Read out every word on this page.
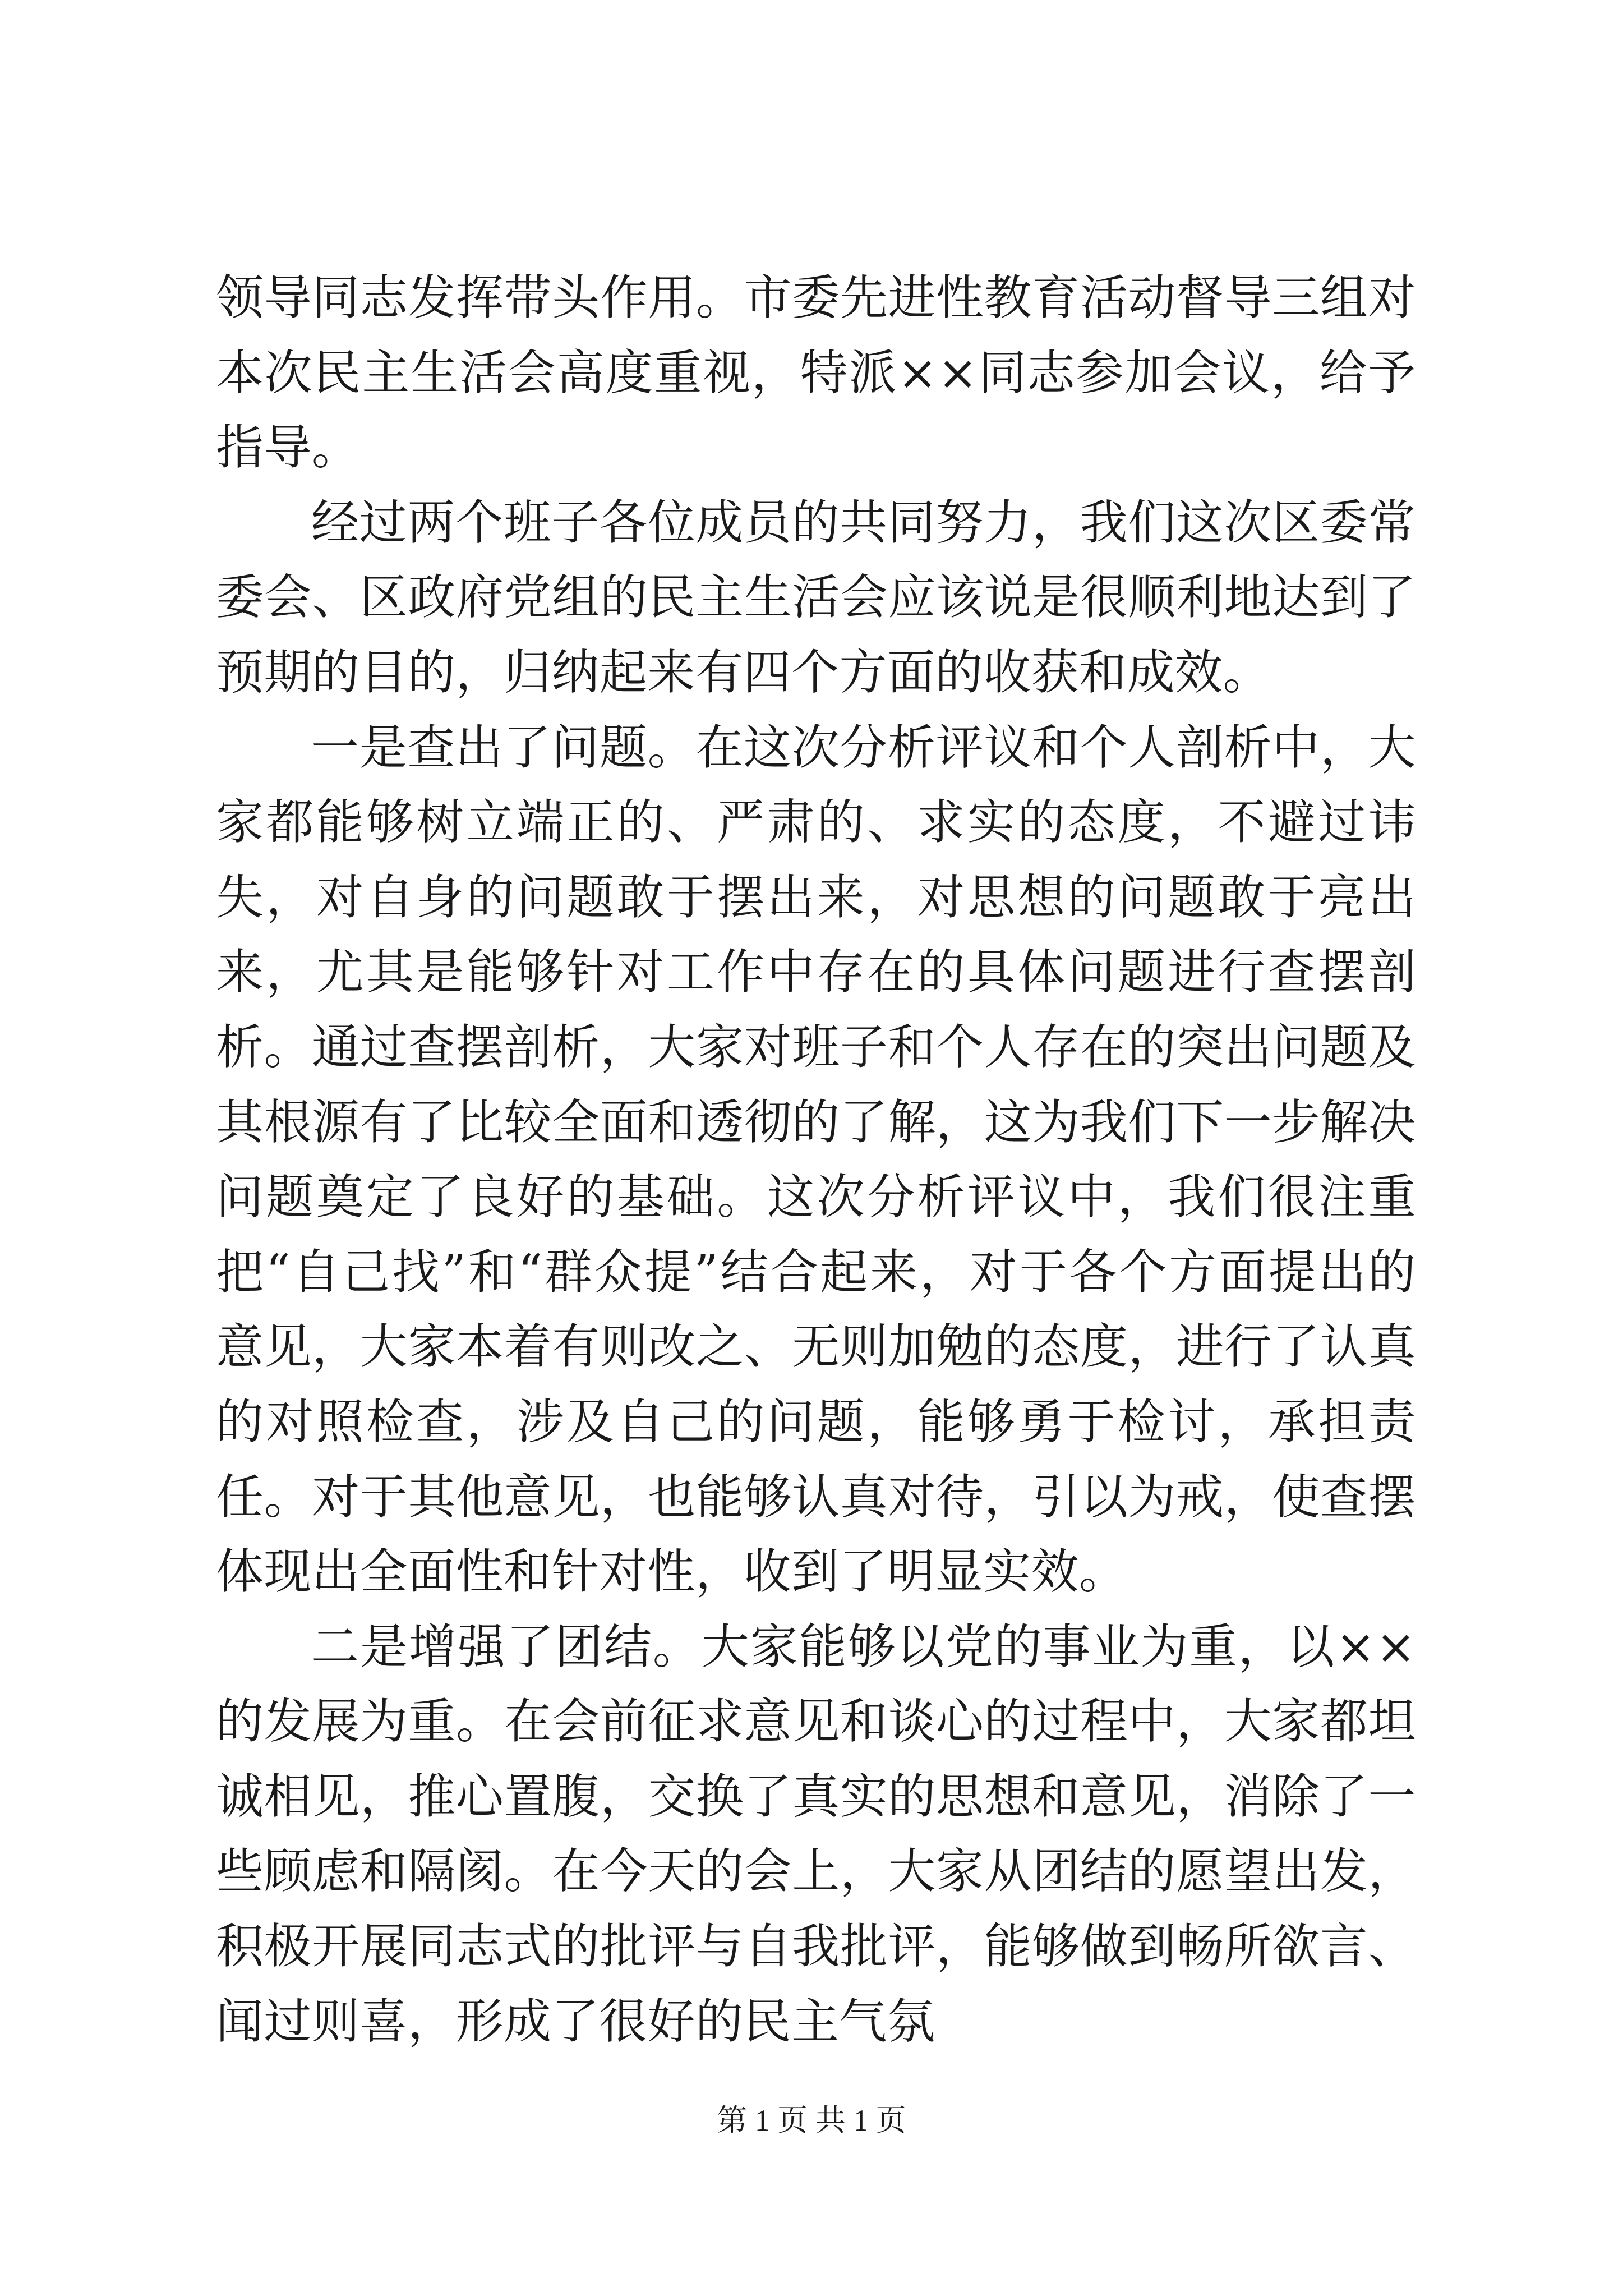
领导同志发挥带头作用。市委先进性教育活动督导三组对本次民主生活会高度重视，特派××同志参加会议，给予指导。

经过两个班子各位成员的共同努力，我们这次区委常委会、区政府党组的民主生活会应该说是很顺利地达到了预期的目的，归纳起来有四个方面的收获和成效。

一是查出了问题。在这次分析评议和个人剖析中，大家都能够树立端正的、严肃的、求实的态度，不避过讳失，对自身的问题敢于摆出来，对思想的问题敢于亮出来，尤其是能够针对工作中存在的具体问题进行查摆剖析。通过查摆剖析，大家对班子和个人存在的突出问题及其根源有了比较全面和透彻的了解，这为我们下一步解决问题奠定了良好的基础。这次分析评议中，我们很注重把“自己找”和“群众提”结合起来，对于各个方面提出的意见，大家本着有则改之、无则加勉的态度，进行了认真的对照检查，涉及自己的问题，能够勇于检讨，承担责任。对于其他意见，也能够认真对待，引以为戒，使查摆体现出全面性和针对性，收到了明显实效。

二是增强了团结。大家能够以党的事业为重，以××的发展为重。在会前征求意见和谈心的过程中，大家都坦诚相见，推心置腹，交换了真实的思想和意见，消除了一些顾虑和隔阂。在今天的会上，大家从团结的愿望出发，积极开展同志式的批评与自我批评，能够做到畅所欲言、闻过则喜，形成了很好的民主气氛

第 1 页 共 1 页
